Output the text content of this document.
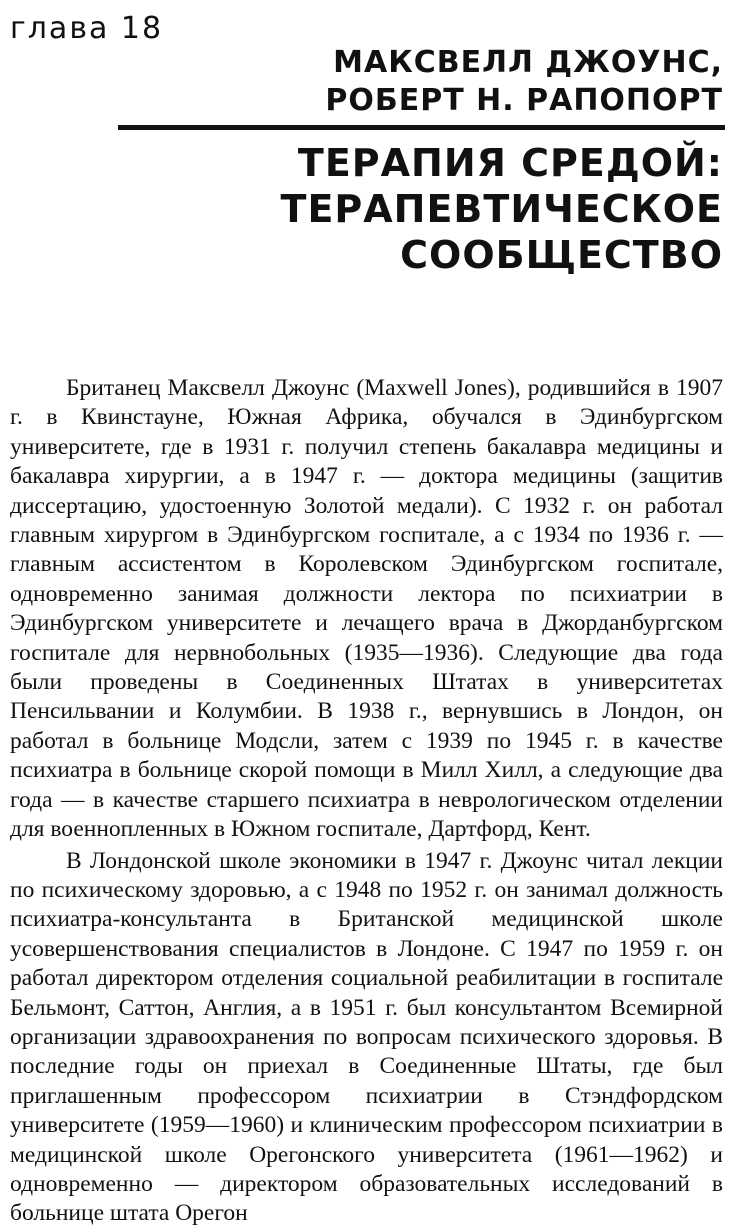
глава 18
МАКСВЕЛЛ ДЖОУНС,
РОБЕРТ Н. РАПОПОРТ
ТЕРАПИЯ СРЕДОЙ:
ТЕРАПЕВТИЧЕСКОЕ
СООБЩЕСТВО

Британец Максвелл Джоунс (Maxwell Jones), родившийся в 1907 г. в Квинстауне, Южная Африка, обучался в Эдинбургском университете, где в 1931 г. получил степень бакалавра медицины и бакалавра хирургии, а в 1947 г. — доктора медицины (защитив диссертацию, удостоенную Золотой медали). С 1932 г. он работал главным хирургом в Эдинбургском госпитале, а с 1934 по 1936 г. — главным ассистентом в Королевском Эдинбургском госпитале, одновременно занимая должности лектора по психиатрии в Эдинбургском университете и лечащего врача в Джорданбургском госпитале для нервнобольных (1935—1936). Следующие два года были проведены в Соединенных Штатах в университетах Пенсильвании и Колумбии. В 1938 г., вернувшись в Лондон, он работал в больнице Модсли, затем с 1939 по 1945 г. в качестве психиатра в больнице скорой помощи в Милл Хилл, а следующие два года — в качестве старшего психиатра в неврологическом отделении для военнопленных в Южном госпитале, Дартфорд, Кент.

В Лондонской школе экономики в 1947 г. Джоунс читал лекции по психическому здоровью, а с 1948 по 1952 г. он занимал должность психиатра-консультанта в Британской медицинской школе усовершенствования специалистов в Лондоне. С 1947 по 1959 г. он работал директором отделения социальной реабилитации в госпитале Бельмонт, Саттон, Англия, а в 1951 г. был консультантом Всемирной организации здравоохранения по вопросам психического здоровья. В последние годы он приехал в Соединенные Штаты, где был приглашенным профессором психиатрии в Стэндфордском университете (1959—1960) и клиническим профессором психиатрии в медицинской школе Орегонского университета (1961—1962) и одновременно — директором образовательных исследований в больнице штата Орегон
